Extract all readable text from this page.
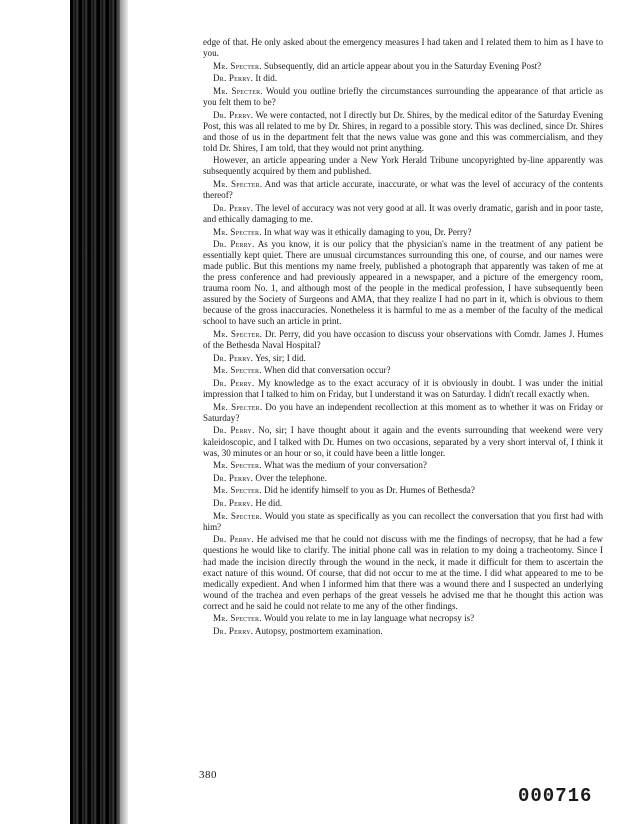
edge of that. He only asked about the emergency measures I had taken and I related them to him as I have to you.

Mr. Specter. Subsequently, did an article appear about you in the Saturday Evening Post?

Dr. Perry. It did.

Mr. Specter. Would you outline briefly the circumstances surrounding the appearance of that article as you felt them to be?

Dr. Perry. We were contacted, not I directly but Dr. Shires, by the medical editor of the Saturday Evening Post, this was all related to me by Dr. Shires, in regard to a possible story. This was declined, since Dr. Shires and those of us in the department felt that the news value was gone and this was commercialism, and they told Dr. Shires, I am told, that they would not print anything.

However, an article appearing under a New York Herald Tribune uncopyrighted by-line apparently was subsequently acquired by them and published.

Mr. Specter. And was that article accurate, inaccurate, or what was the level of accuracy of the contents thereof?

Dr. Perry. The level of accuracy was not very good at all. It was overly dramatic, garish and in poor taste, and ethically damaging to me.

Mr. Specter. In what way was it ethically damaging to you, Dr. Perry?

Dr. Perry. As you know, it is our policy that the physician's name in the treatment of any patient be essentially kept quiet. There are unusual circumstances surrounding this one, of course, and our names were made public. But this mentions my name freely, published a photograph that apparently was taken of me at the press conference and had previously appeared in a newspaper, and a picture of the emergency room, trauma room No. 1, and although most of the people in the medical profession, I have subsequently been assured by the Society of Surgeons and AMA, that they realize I had no part in it, which is obvious to them because of the gross inaccuracies. Nonetheless it is harmful to me as a member of the faculty of the medical school to have such an article in print.

Mr. Specter. Dr. Perry, did you have occasion to discuss your observations with Comdr. James J. Humes of the Bethesda Naval Hospital?

Dr. Perry. Yes, sir; I did.

Mr. Specter. When did that conversation occur?

Dr. Perry. My knowledge as to the exact accuracy of it is obviously in doubt. I was under the initial impression that I talked to him on Friday, but I understand it was on Saturday. I didn't recall exactly when.

Mr. Specter. Do you have an independent recollection at this moment as to whether it was on Friday or Saturday?

Dr. Perry. No, sir; I have thought about it again and the events surrounding that weekend were very kaleidoscopic, and I talked with Dr. Humes on two occasions, separated by a very short interval of, I think it was, 30 minutes or an hour or so, it could have been a little longer.

Mr. Specter. What was the medium of your conversation?

Dr. Perry. Over the telephone.

Mr. Specter. Did he identify himself to you as Dr. Humes of Bethesda?

Dr. Perry. He did.

Mr. Specter. Would you state as specifically as you can recollect the conversation that you first had with him?

Dr. Perry. He advised me that he could not discuss with me the findings of necropsy, that he had a few questions he would like to clarify. The initial phone call was in relation to my doing a tracheotomy. Since I had made the incision directly through the wound in the neck, it made it difficult for them to ascertain the exact nature of this wound. Of course, that did not occur to me at the time. I did what appeared to me to be medically expedient. And when I informed him that there was a wound there and I suspected an underlying wound of the trachea and even perhaps of the great vessels he advised me that he thought this action was correct and he said he could not relate to me any of the other findings.

Mr. Specter. Would you relate to me in lay language what necropsy is?

Dr. Perry. Autopsy, postmortem examination.

380
000716
